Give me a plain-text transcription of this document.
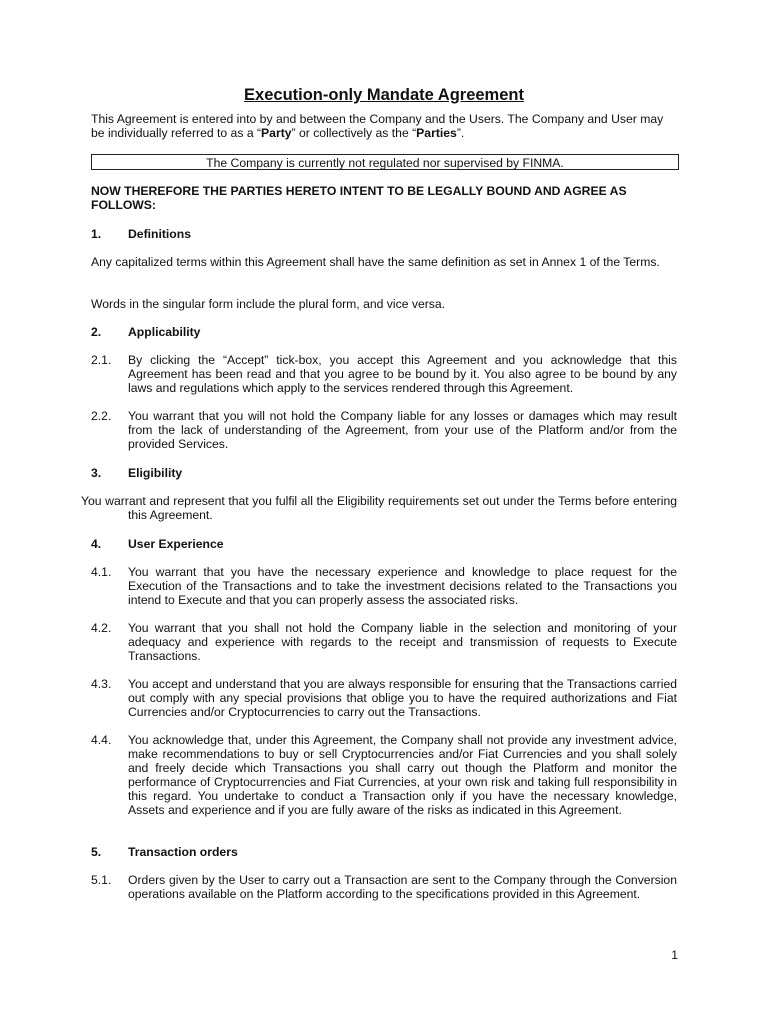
Execution-only Mandate Agreement
This Agreement is entered into by and between the Company and the Users. The Company and User may be individually referred to as a “Party” or collectively as the “Parties”.
The Company is currently not regulated nor supervised by FINMA.
NOW THEREFORE THE PARTIES HERETO INTENT TO BE LEGALLY BOUND AND AGREE AS FOLLOWS:
1. Definitions
Any capitalized terms within this Agreement shall have the same definition as set in Annex 1 of the Terms.
Words in the singular form include the plural form, and vice versa.
2. Applicability
2.1. By clicking the “Accept” tick-box, you accept this Agreement and you acknowledge that this Agreement has been read and that you agree to be bound by it. You also agree to be bound by any laws and regulations which apply to the services rendered through this Agreement.
2.2. You warrant that you will not hold the Company liable for any losses or damages which may result from the lack of understanding of the Agreement, from your use of the Platform and/or from the provided Services.
3. Eligibility
You warrant and represent that you fulfil all the Eligibility requirements set out under the Terms before entering this Agreement.
4. User Experience
4.1. You warrant that you have the necessary experience and knowledge to place request for the Execution of the Transactions and to take the investment decisions related to the Transactions you intend to Execute and that you can properly assess the associated risks.
4.2. You warrant that you shall not hold the Company liable in the selection and monitoring of your adequacy and experience with regards to the receipt and transmission of requests to Execute Transactions.
4.3. You accept and understand that you are always responsible for ensuring that the Transactions carried out comply with any special provisions that oblige you to have the required authorizations and Fiat Currencies and/or Cryptocurrencies to carry out the Transactions.
4.4. You acknowledge that, under this Agreement, the Company shall not provide any investment advice, make recommendations to buy or sell Cryptocurrencies and/or Fiat Currencies and you shall solely and freely decide which Transactions you shall carry out though the Platform and monitor the performance of Cryptocurrencies and Fiat Currencies, at your own risk and taking full responsibility in this regard. You undertake to conduct a Transaction only if you have the necessary knowledge, Assets and experience and if you are fully aware of the risks as indicated in this Agreement.
5. Transaction orders
5.1. Orders given by the User to carry out a Transaction are sent to the Company through the Conversion operations available on the Platform according to the specifications provided in this Agreement.
1
